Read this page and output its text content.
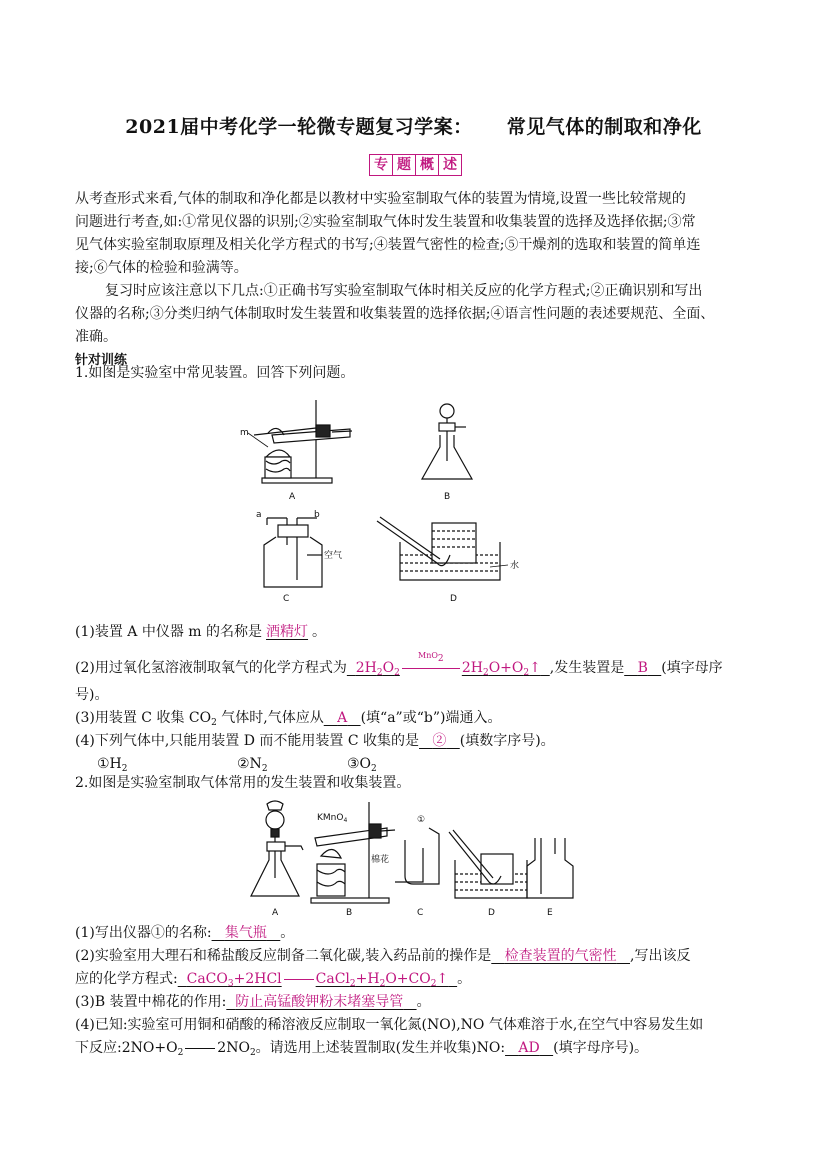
2021届中考化学一轮微专题复习学案： 常见气体的制取和净化
专 题 概 述
从考查形式来看,气体的制取和净化都是以教材中实验室制取气体的装置为情境,设置一些比较常规的
问题进行考查,如:①常见仪器的识别;②实验室制取气体时发生装置和收集装置的选择及选择依据;③常
见气体实验室制取原理及相关化学方程式的书写;④装置气密性的检查;⑤干燥剂的选取和装置的简单连
接;⑥气体的检验和验满等。
复习时应该注意以下几点:①正确书写实验室制取气体时相关反应的化学方程式;②正确识别和写出
仪器的名称;③分类归纳气体制取时发生装置和收集装置的选择依据;④语言性问题的表述要规范、全面、
准确。
针对训练
1.如图是实验室中常见装置。回答下列问题。
m
A	B
a	b
空气
C
水
D
(1)装置 A 中仪器 m 的名称是 酒精灯 。
(2)用过氧化氢溶液制取氧气的化学方程式为 $2H_2O_2$
MnO$_2$
$2H_2O+O_2↑$ ,发生装置是 B (填字母序
号)。
(3)用装置 C 收集 $CO_2$ 气体时,气体应从 A (填“a”或“b”)端通入。
(4)下列气体中,只能用装置 D 而不能用装置 C 收集的是 ② (填数字序号)。
$①H_2$	$②N_2$	$③O_2$
2.如图是实验室制取气体常用的发生装置和收集装置。
A
KMnO$_4$
棉花
B
①
C	D	E
(1)写出仪器①的名称: 集气瓶 。
(2)实验室用大理石和稀盐酸反应制备二氧化碳,装入药品前的操作是 检查装置的气密性 ,写出该反
应的化学方程式: CaCO$_3$+2HCl $CaCl_2+H_2O+CO_2↑$ 。
(3)B 装置中棉花的作用: 防止高锰酸钾粉末堵塞导管 。
(4)已知:实验室可用铜和硝酸的稀溶液反应制取一氧化氮(NO),NO 气体难溶于水,在空气中容易发生如
下反应$:2NO+O_2$ $2NO_2$。请选用上述装置制取(发生并收集)NO: AD (填字母序号)。
